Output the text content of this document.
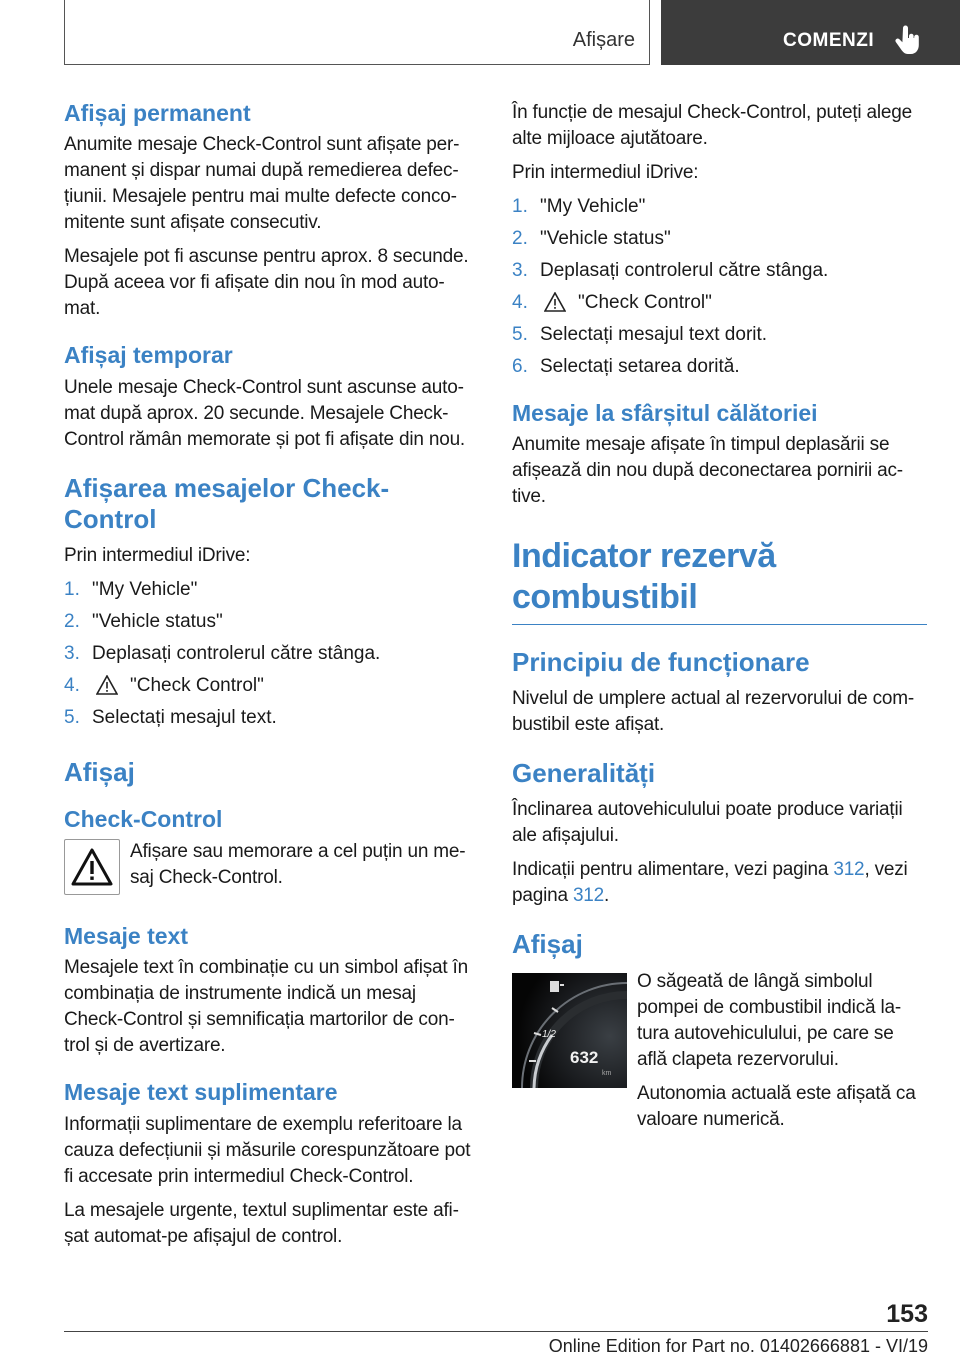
Afișare	COMENZI
Afișaj permanent

Anumite mesaje Check-Control sunt afișate per-manent și dispar numai după remedierea defec-țiunii. Mesajele pentru mai multe defecte conco-mitente sunt afișate consecutiv.

Mesajele pot fi ascunse pentru aprox. 8 secunde. După aceea vor fi afișate din nou în mod auto-mat.

Afișaj temporar

Unele mesaje Check-Control sunt ascunse auto-mat după aprox. 20 secunde. Mesajele Check-Control rămân memorate și pot fi afișate din nou.

Afișarea mesajelor Check-Control

Prin intermediul iDrive:

1. "My Vehicle"
2. "Vehicle status"
3. Deplasați controlerul către stânga.
4.	"Check Control"
5. Selectați mesajul text.
Afișaj
Check-Control

Afișare sau memorare a cel puțin un me-saj Check-Control.

Mesaje text

Mesajele text în combinație cu un simbol afișat în combinația de instrumente indică un mesaj Check-Control și semnificația martorilor de con-trol și de avertizare.

Mesaje text suplimentare

Informații suplimentare de exemplu referitoare la cauza defecțiunii și măsurile corespunzătoare pot fi accesate prin intermediul Check-Control.

La mesajele urgente, textul suplimentar este afi-șat automat-pe afișajul de control.

În funcție de mesajul Check-Control, puteți alege alte mijloace ajutătoare.

Prin intermediul iDrive:

1. "My Vehicle"
2. "Vehicle status"
3. Deplasați controlerul către stânga.
4.	"Check Control"
5. Selectați mesajul text dorit.
6. Selectați setarea dorită.
Mesaje la sfârșitul călătoriei

Anumite mesaje afișate în timpul deplasării se afișează din nou după deconectarea pornirii ac-tive.

Indicator rezervă combustibil
Principiu de funcționare

Nivelul de umplere actual al rezervorului de com-bustibil este afișat.

Generalități

Înclinarea autovehiculului poate produce variații ale afișajului.

Indicații pentru alimentare, vezi pagina 312, vezi pagina 312.

Afișaj
1/2
632
km

O săgeată de lângă simbolul pompei de combustibil indică la-tura autovehiculului, pe care se află clapeta rezervorului.

Autonomia actuală este afișată ca valoare numerică.

153
Online Edition for Part no. 01402666881 - VI/19
